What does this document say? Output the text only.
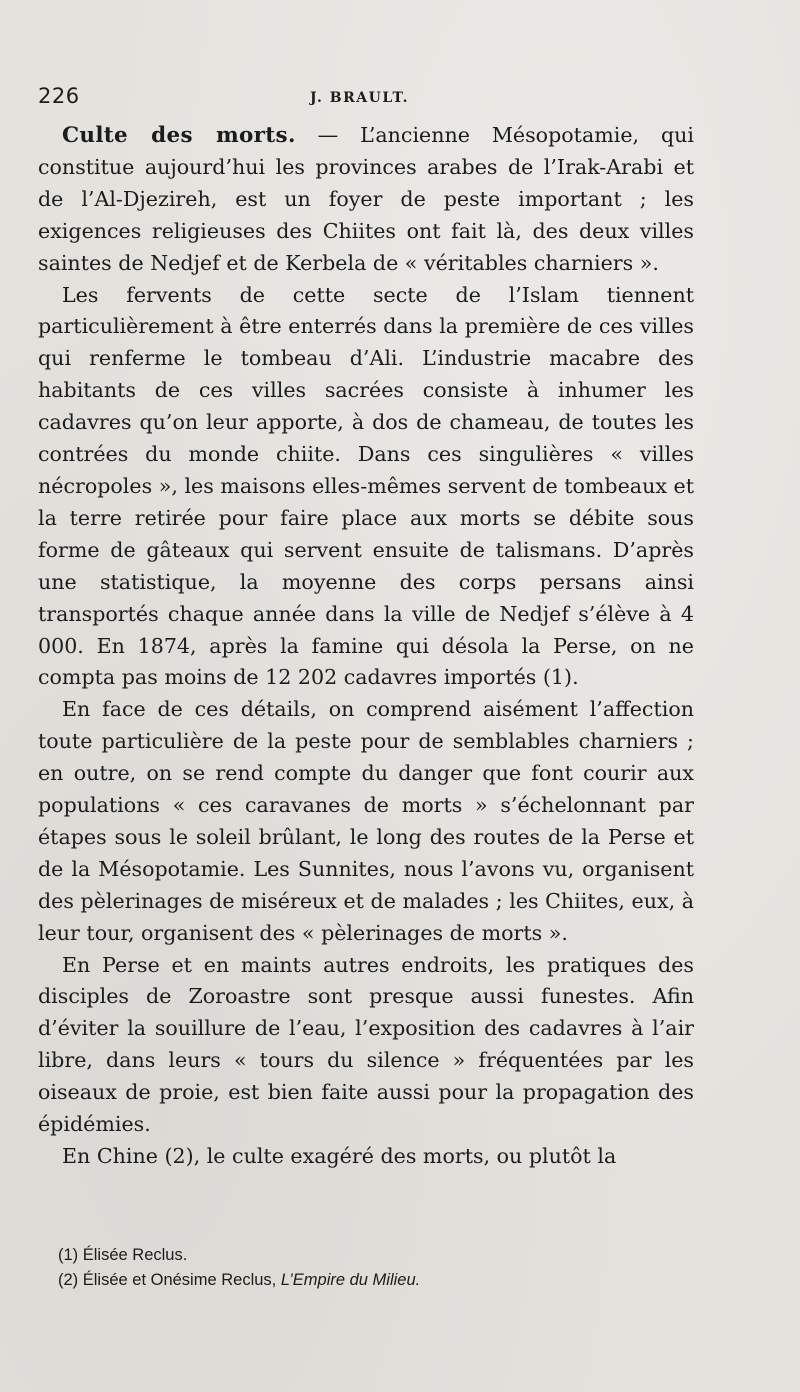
226	J. BRAULT.

Culte des morts. — L’ancienne Mésopotamie, qui constitue aujourd’hui les provinces arabes de l’Irak-Arabi et de l’Al-Djezireh, est un foyer de peste important ; les exigences religieuses des Chiites ont fait là, des deux villes saintes de Nedjef et de Kerbela de « véritables charniers ».

Les fervents de cette secte de l’Islam tiennent particulièrement à être enterrés dans la première de ces villes qui renferme le tombeau d’Ali. L’industrie macabre des habitants de ces villes sacrées consiste à inhumer les cadavres qu’on leur apporte, à dos de chameau, de toutes les contrées du monde chiite. Dans ces singulières « villes nécropoles », les maisons elles-mêmes servent de tombeaux et la terre retirée pour faire place aux morts se débite sous forme de gâteaux qui servent ensuite de talismans. D’après une statistique, la moyenne des corps persans ainsi transportés chaque année dans la ville de Nedjef s’élève à 4 000. En 1874, après la famine qui désola la Perse, on ne compta pas moins de 12 202 cadavres importés (1).

En face de ces détails, on comprend aisément l’affection toute particulière de la peste pour de semblables charniers ; en outre, on se rend compte du danger que font courir aux populations « ces caravanes de morts » s’échelonnant par étapes sous le soleil brûlant, le long des routes de la Perse et de la Mésopotamie. Les Sunnites, nous l’avons vu, organisent des pèlerinages de miséreux et de malades ; les Chiites, eux, à leur tour, organisent des « pèlerinages de morts ».

En Perse et en maints autres endroits, les pratiques des disciples de Zoroastre sont presque aussi funestes. Afin d’éviter la souillure de l’eau, l’exposition des cadavres à l’air libre, dans leurs « tours du silence » fréquentées par les oiseaux de proie, est bien faite aussi pour la propagation des épidémies.

En Chine (2), le culte exagéré des morts, ou plutôt la

(1) Élisée Reclus.
(2) Élisée et Onésime Reclus, L’Empire du Milieu.
